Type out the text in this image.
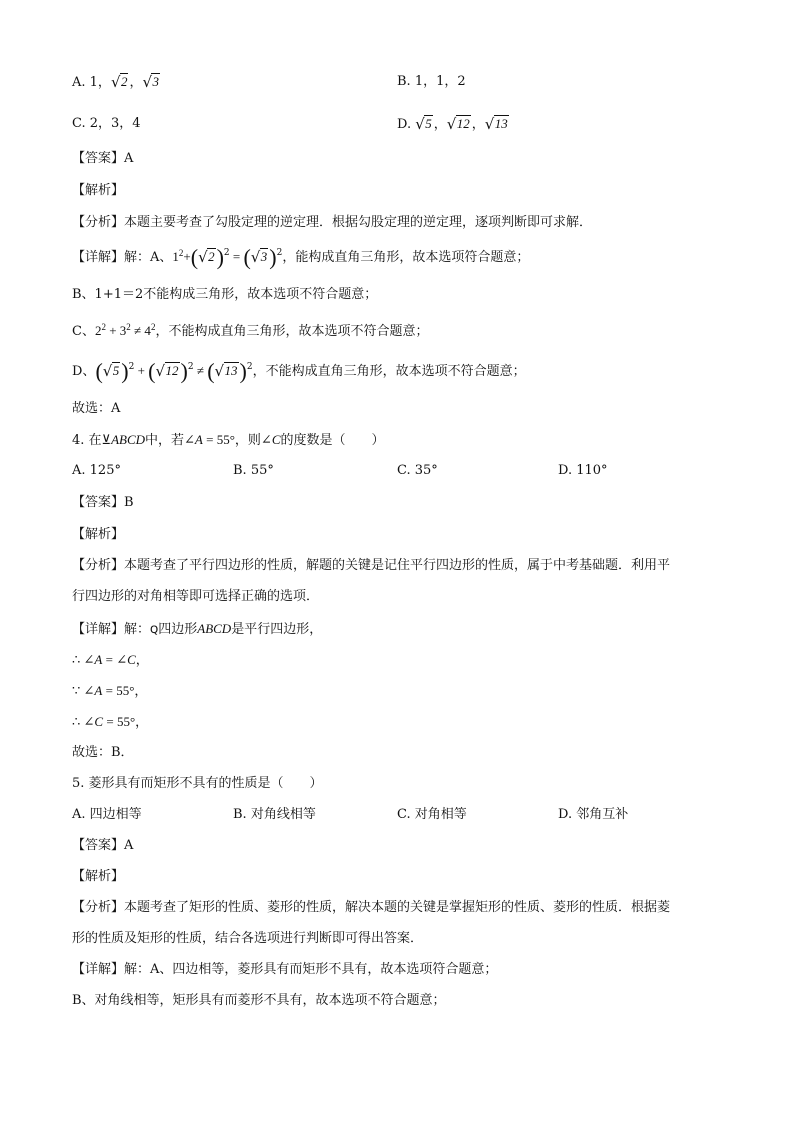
A. 1，√ 2 ，√ 3	B. 1，1，2
C. 2，3，4	D. √ 5 ，√ 12 ，√ 13
【答案】A
【解析】
【分析】本题主要考查了勾股定理的逆定理．根据勾股定理的逆定理，逐项判断即可求解．
【详解】解：A、$1^2+(√$ 2)$^2$ = (√ 3)$^2$，能构成直角三角形，故本选项符合题意；
B、1+1＝2不能构成三角形，故本选项不符合题意；
C、$2^2 + 3^2 \ne 4^2$，不能构成直角三角形，故本选项不符合题意；
D、(√ 5)$^2$ + (√ 12)$^2$ ≠ (√ 13)$^2$，不能构成直角三角形，故本选项不符合题意；
故选：A
4. 在⊻ABCD中，若∠A = 55°，则∠C的度数是（　　）
A. 125°	B. 55°	C. 35°	D. 110°
【答案】B
【解析】
【分析】本题考查了平行四边形的性质，解题的关键是记住平行四边形的性质，属于中考基础题．利用平
行四边形的对角相等即可选择正确的选项．
【详解】解：ꞯ四边形ABCD是平行四边形，
∴ ∠A = ∠C，
∵ ∠A = 55°，
∴ ∠C = 55°，
故选：B．
5. 菱形具有而矩形不具有的性质是（　　）
A. 四边相等	B. 对角线相等	C. 对角相等	D. 邻角互补
【答案】A
【解析】
【分析】本题考查了矩形的性质、菱形的性质，解决本题的关键是掌握矩形的性质、菱形的性质．根据菱
形的性质及矩形的性质，结合各选项进行判断即可得出答案．
【详解】解：A、四边相等，菱形具有而矩形不具有，故本选项符合题意；
B、对角线相等，矩形具有而菱形不具有，故本选项不符合题意；
